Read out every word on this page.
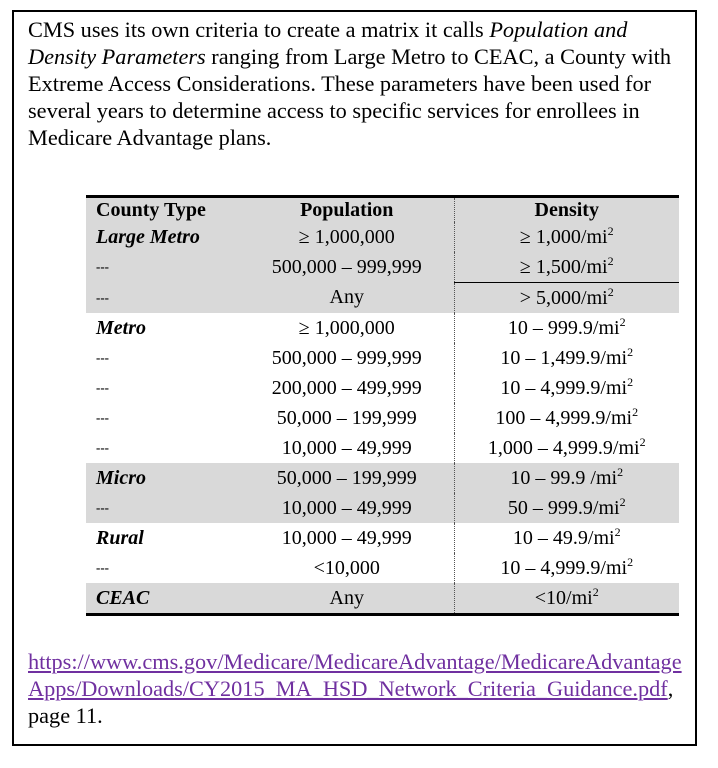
CMS uses its own criteria to create a matrix it calls Population and Density Parameters ranging from Large Metro to CEAC, a County with Extreme Access Considerations. These parameters have been used for several years to determine access to specific services for enrollees in Medicare Advantage plans.

County Type	Population	Density
Large Metro	≥ 1,000,000	≥ $1,000/mi^2$
---	500,000 – 999,999	≥ $1,500/mi^2$
---	Any	> $5,000/mi^2$
Metro	≥ 1,000,000	$10 - 999.9/mi^2$
---	500,000 – 999,999	$10 - 1,499.9/mi^2$
---	200,000 – 499,999	$10 - 4,999.9/mi^2$
---	50,000 – 199,999	$100 - 4,999.9/mi^2$
---	10,000 – 49,999	$1,000 - 4,999.9/mi^2$
Micro	50,000 – 199,999	10 – 99.9 $/mi^2$
---	10,000 – 49,999	$50 - 999.9/mi^2$
Rural	10,000 – 49,999	$10 - 49.9/mi^2$
---	<10,000	$10 - 4,999.9/mi^2$
CEAC	Any	$<10/mi^2$

https://www.cms.gov/Medicare/MedicareAdvantage/MedicareAdvantageApps/Downloads/CY2015_MA_HSD_Network_Criteria_Guidance.pdf, page 11.
